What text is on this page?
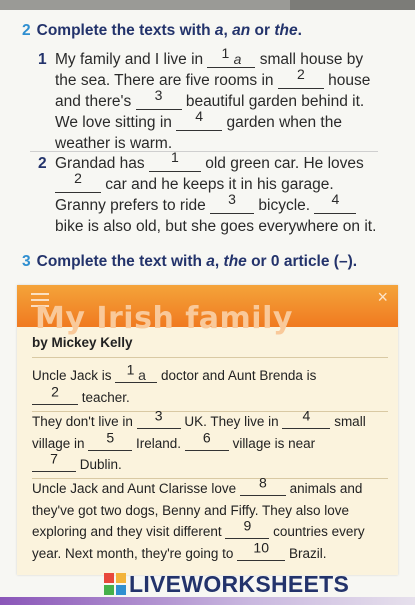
2 Complete the texts with a, an or the.
1 My family and I live in $^1$ a small house by
the sea. There are five rooms in $^2$ house
and there's $^3$ beautiful garden behind it.
We love sitting in $^4$ garden when the
weather is warm.
2 Grandad has $^1$ old green car. He loves
$^2$ car and he keeps it in his garage.
Granny prefers to ride $^3$ bicycle. $^4$
bike is also old, but she goes everywhere on it.
3 Complete the text with a, the or 0 article (–).
×
My Irish family
by Mickey Kelly
Uncle Jack is $^1$ a doctor and Aunt Brenda is
$^2$ teacher.
They don't live in $^3$ UK. They live in $^4$ small
village in $^5$ Ireland. $^6$ village is near
$^7$ Dublin.
Uncle Jack and Aunt Clarisse love $^8$ animals and
they've got two dogs, Benny and Fiffy. They also love
exploring and they visit different $^9$ countries every
year. Next month, they're going to $^{10}$ Brazil.
LIVEWORKSHEETS
